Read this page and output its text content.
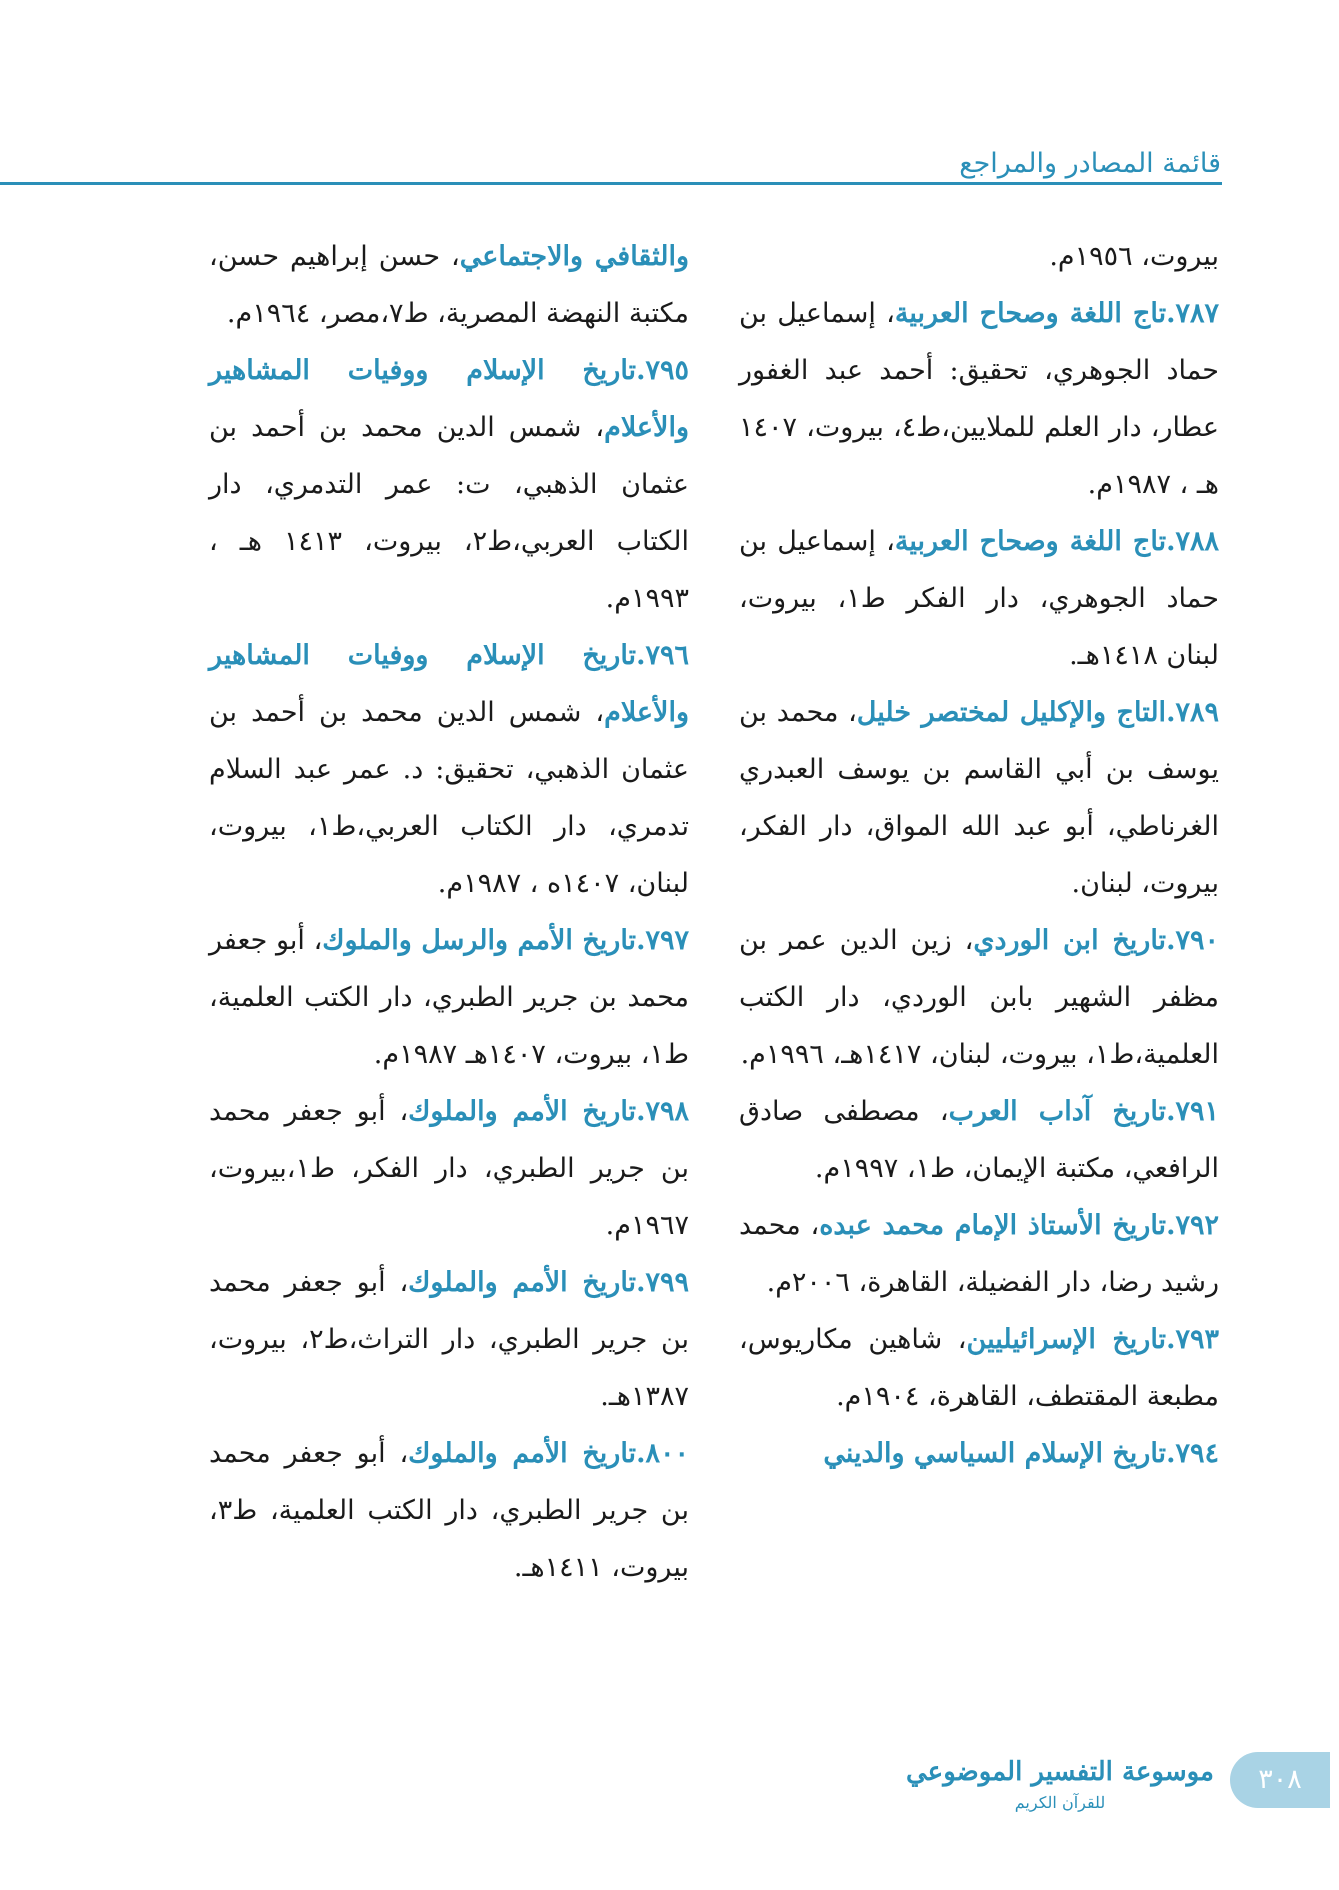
قائمة المصادر والمراجع

بيروت، ١٩٥٦م.

٧٨٧.تاج اللغة وصحاح العربية، إسماعيل بن حماد الجوهري، تحقيق: أحمد عبد الغفور عطار، دار العلم للملايين،ط٤، بيروت، ١٤٠٧ هـ ، ١٩٨٧م.

٧٨٨.تاج اللغة وصحاح العربية، إسماعيل بن حماد الجوهري، دار الفكر ط١، بيروت، لبنان ١٤١٨هـ.

٧٨٩.التاج والإكليل لمختصر خليل، محمد بن يوسف بن أبي القاسم بن يوسف العبدري الغرناطي، أبو عبد الله المواق، دار الفكر، بيروت، لبنان.

٧٩٠.تاريخ ابن الوردي، زين الدين عمر بن مظفر الشهير بابن الوردي، دار الكتب العلمية،ط١، بيروت، لبنان، ١٤١٧هـ، ١٩٩٦م.

٧٩١.تاريخ آداب العرب، مصطفى صادق الرافعي، مكتبة الإيمان، ط١، ١٩٩٧م.

٧٩٢.تاريخ الأستاذ الإمام محمد عبده، محمد رشيد رضا، دار الفضيلة، القاهرة، ٢٠٠٦م.

٧٩٣.تاريخ الإسرائيليين، شاهين مكاريوس، مطبعة المقتطف، القاهرة، ١٩٠٤م.

٧٩٤.تاريخ الإسلام السياسي والديني

والثقافي والاجتماعي، حسن إبراهيم حسن، مكتبة النهضة المصرية، ط٧،مصر، ١٩٦٤م.

٧٩٥.تاريخ الإسلام ووفيات المشاهير والأعلام، شمس الدين محمد بن أحمد بن عثمان الذهبي، ت: عمر التدمري، دار الكتاب العربي،ط٢، بيروت، ١٤١٣ هـ ، ١٩٩٣م.

٧٩٦.تاريخ الإسلام ووفيات المشاهير والأعلام، شمس الدين محمد بن أحمد بن عثمان الذهبي، تحقيق: د. عمر عبد السلام تدمري، دار الكتاب العربي،ط١، بيروت، لبنان، ١٤٠٧ه ، ١٩٨٧م.

٧٩٧.تاريخ الأمم والرسل والملوك، أبو جعفر محمد بن جرير الطبري، دار الكتب العلمية، ط١، بيروت، ١٤٠٧هـ ١٩٨٧م.

٧٩٨.تاريخ الأمم والملوك، أبو جعفر محمد بن جرير الطبري، دار الفكر، ط١،بيروت، ١٩٦٧م.

٧٩٩.تاريخ الأمم والملوك، أبو جعفر محمد بن جرير الطبري، دار التراث،ط٢، بيروت، ١٣٨٧هـ.

٨٠٠.تاريخ الأمم والملوك، أبو جعفر محمد بن جرير الطبري، دار الكتب العلمية، ط٣، بيروت، ١٤١١هـ.

موسوعة التفسير الموضوعي
للقرآن الكريم
٣٠٨
